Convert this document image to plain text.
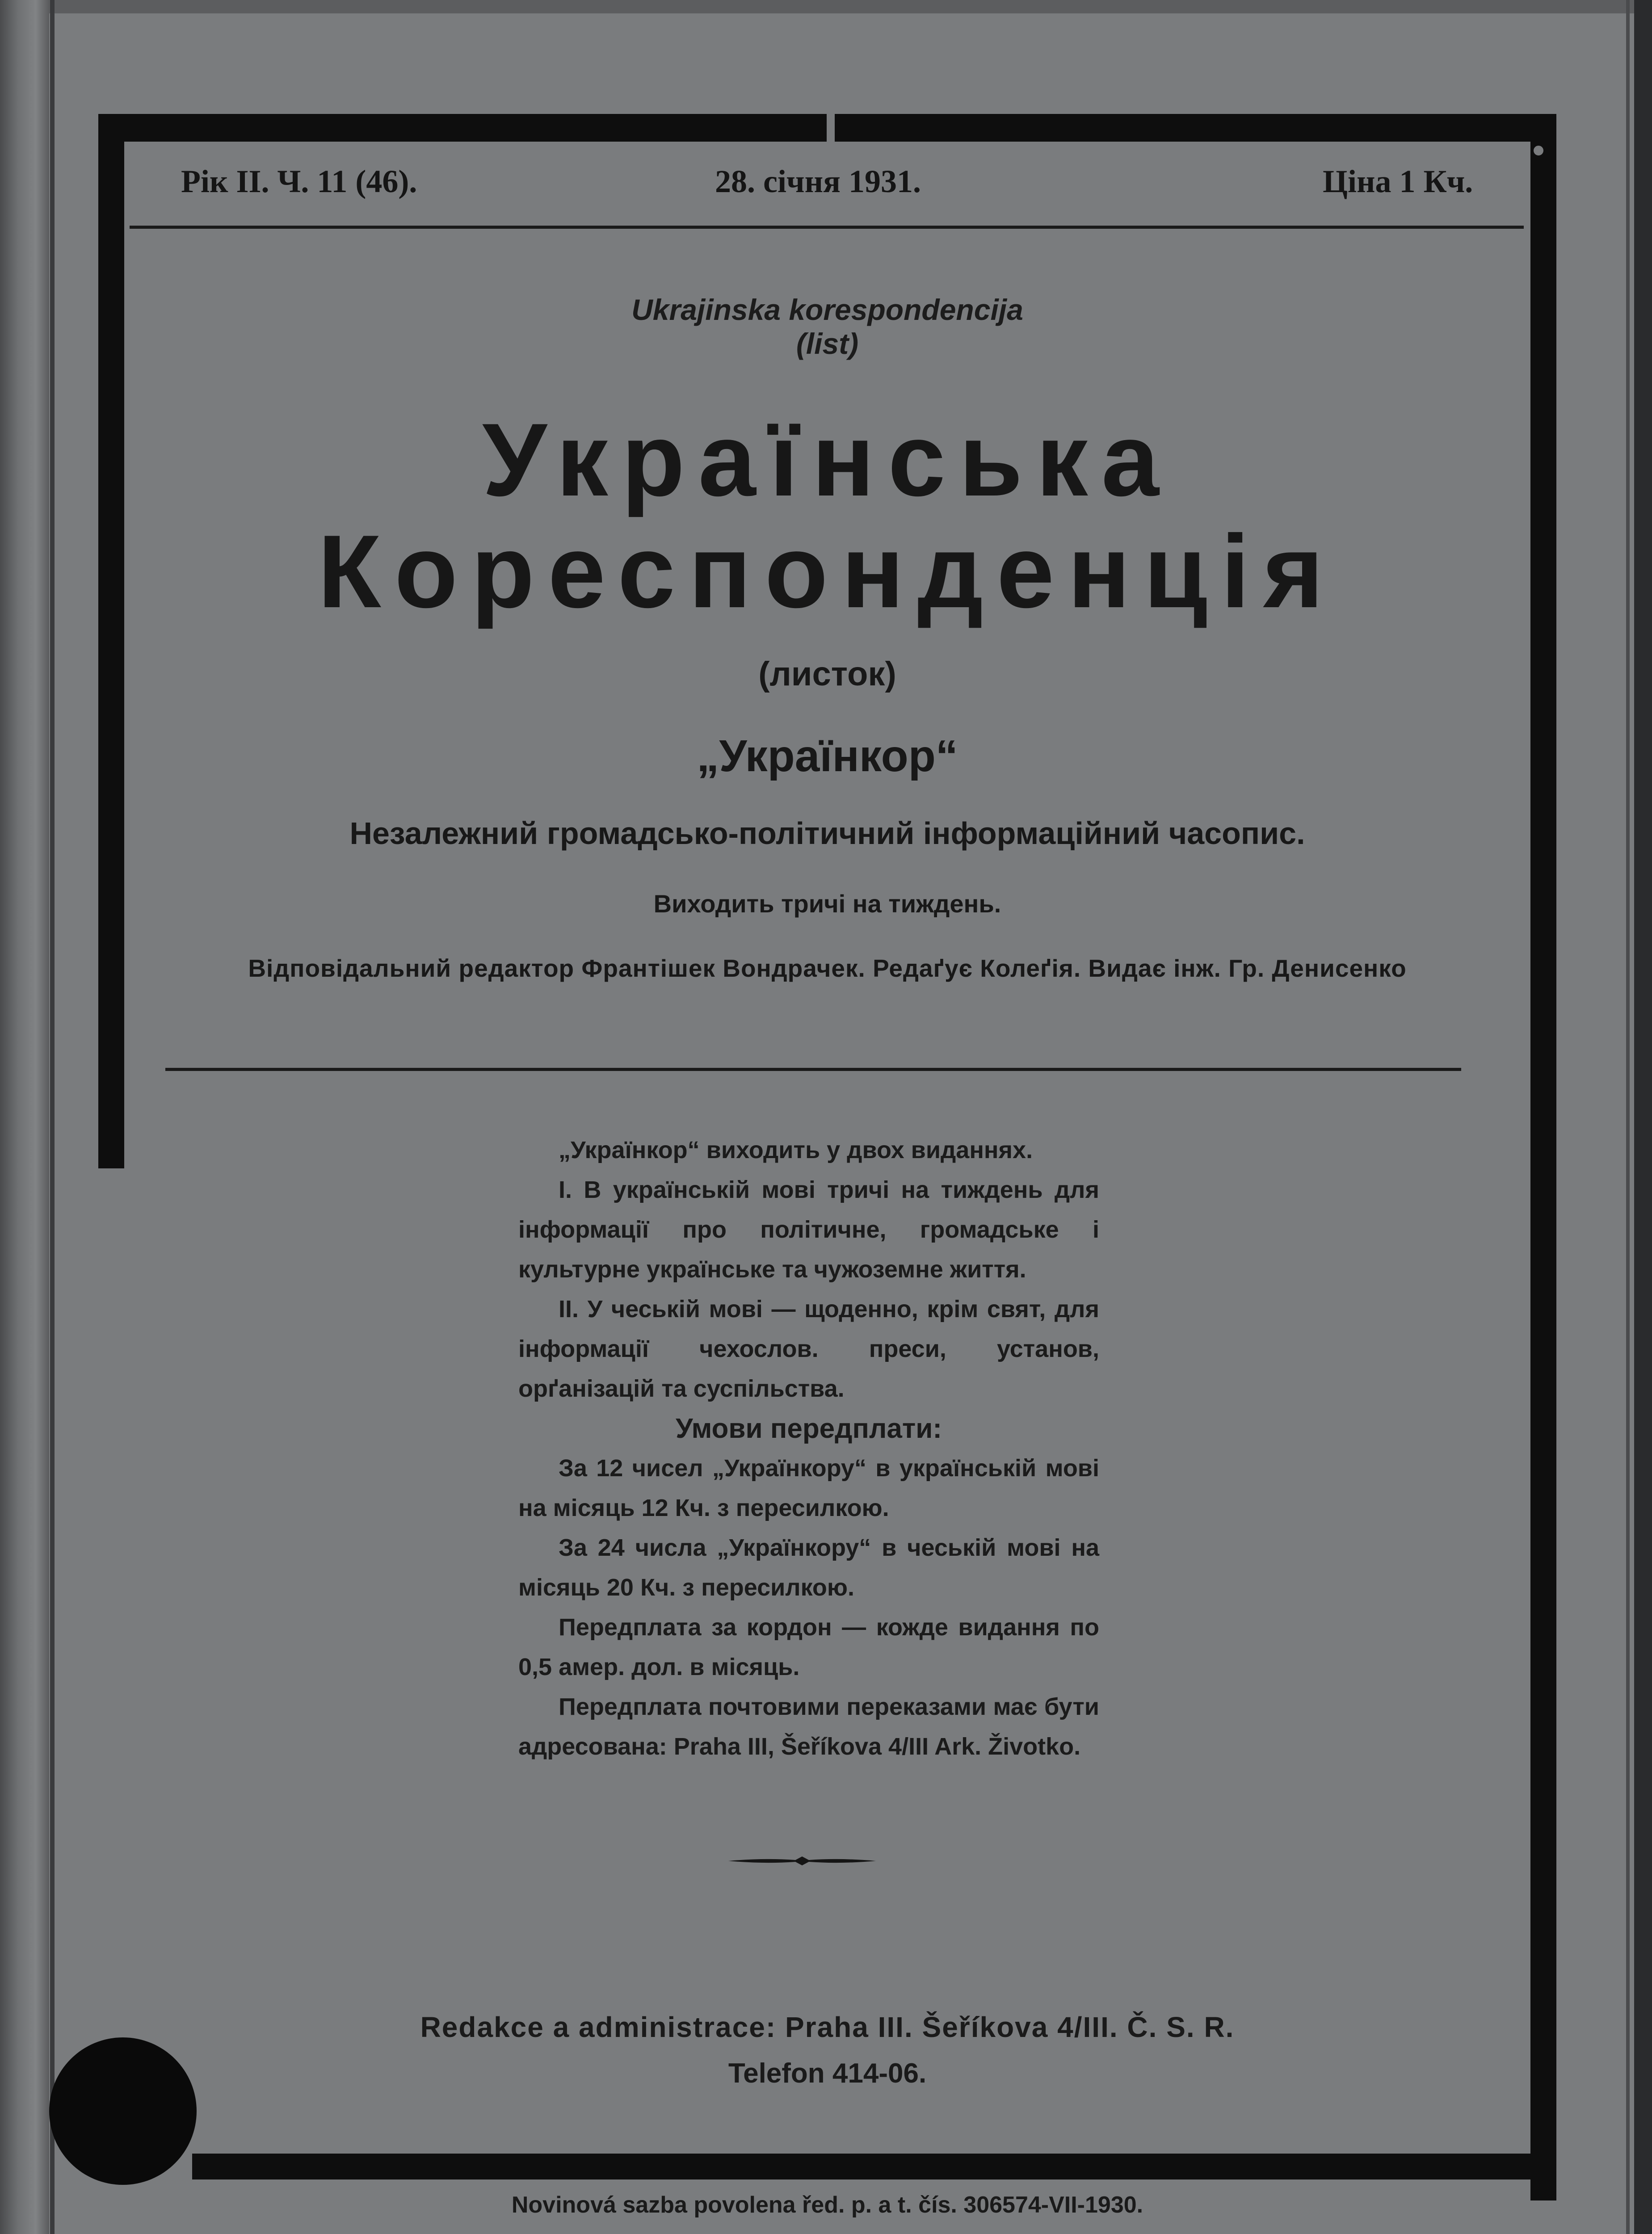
Рік II. Ч. 11 (46).	28. січня 1931.	Ціна 1 Кч.
Ukrajinska korespondencija
(list)
Українська
Кореспонденція
(листок)
„Українкор“
Незалежний громадсько-політичний інформаційний часопис.
Виходить тричі на тиждень.
Відповідальний редактор Франтішек Вондрачек. Редаґує Колеґія. Видає інж. Гр. Денисенко

„Українкор“ виходить у двох виданнях.

I. В українській мові тричі на тиждень для інформації про політичне, громадське і культурне українське та чужоземне життя.

II. У чеській мові — щоденно, крім свят, для інформації чехослов. преси, установ, орґанізацій та суспільства.

Умови передплати:

За 12 чисел „Українкору“ в українській мові на місяць 12 Кч. з пересилкою.

За 24 числа „Українкору“ в чеській мові на місяць 20 Кч. з пересилкою.

Передплата за кордон — кожде видання по 0,5 амер. дол. в місяць.

Передплата почтовими переказами має бути адресована: Praha III, Šeříkova 4/III Ark. Životko.

Redakce a administrace: Praha III. Šeříkova 4/III. Č. S. R.
Telefon 414-06.
Novinová sazba povolena řed. p. a t. čís. 306574-VII-1930.
